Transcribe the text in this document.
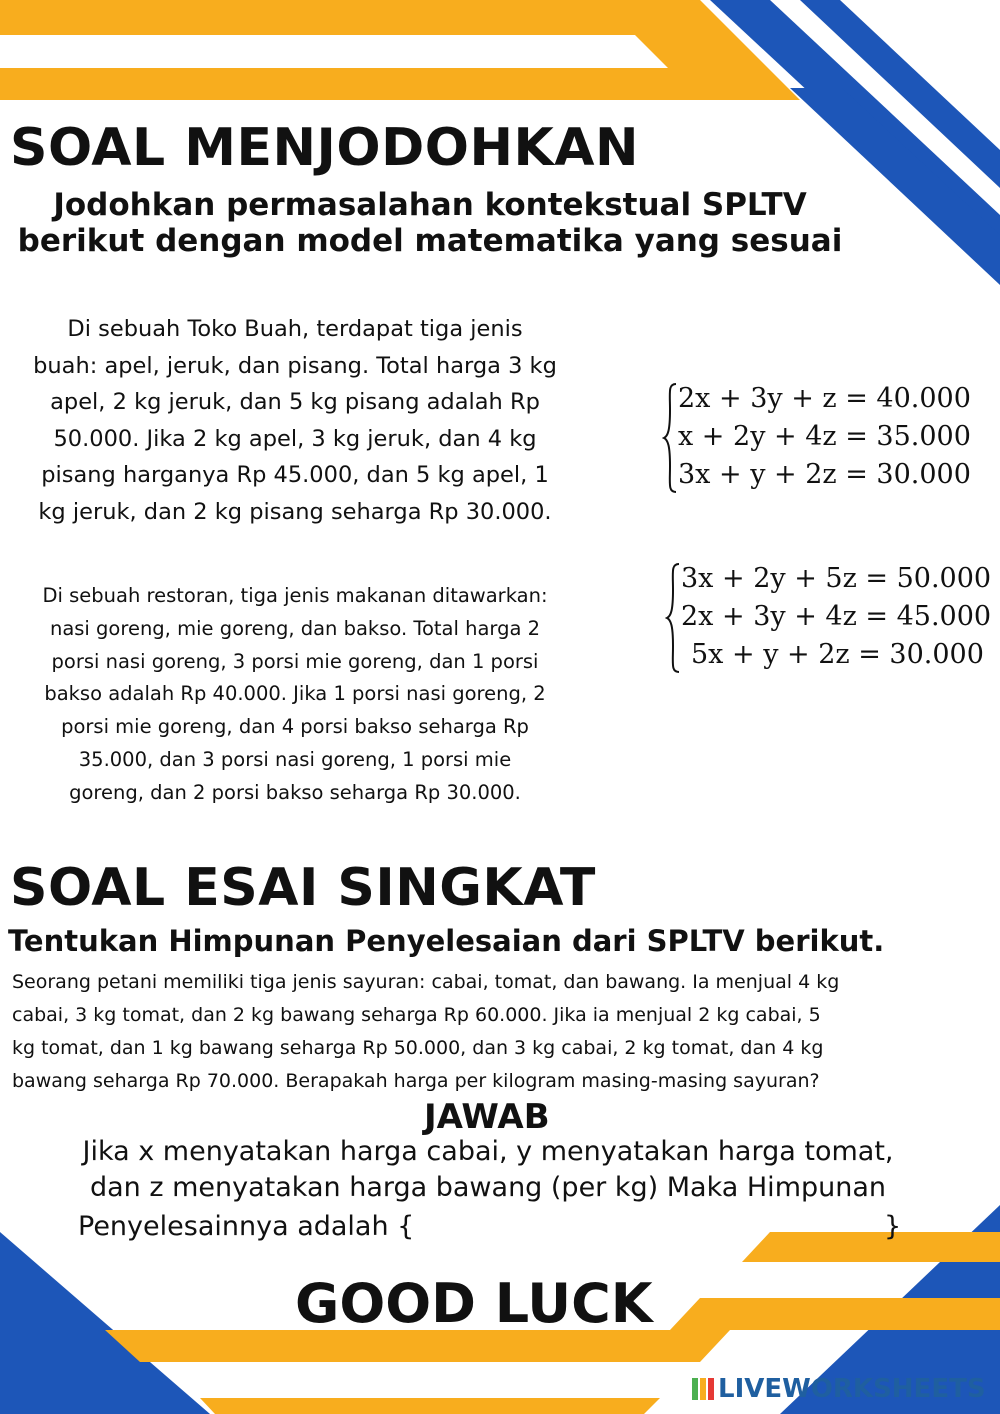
SOAL MENJODOHKAN
Jodohkan permasalahan kontekstual SPLTV
berikut dengan model matematika yang sesuai
Di sebuah Toko Buah, terdapat tiga jenis
buah: apel, jeruk, dan pisang. Total harga 3 kg
apel, 2 kg jeruk, dan 5 kg pisang adalah Rp
50.000. Jika 2 kg apel, 3 kg jeruk, dan 4 kg
pisang harganya Rp 45.000, dan 5 kg apel, 1
kg jeruk, dan 2 kg pisang seharga Rp 30.000.
2x + 3y + z = 40.000
x + 2y + 4z = 35.000
3x + y + 2z = 30.000
Di sebuah restoran, tiga jenis makanan ditawarkan:
nasi goreng, mie goreng, dan bakso. Total harga 2
porsi nasi goreng, 3 porsi mie goreng, dan 1 porsi
bakso adalah Rp 40.000. Jika 1 porsi nasi goreng, 2
porsi mie goreng, dan 4 porsi bakso seharga Rp
35.000, dan 3 porsi nasi goreng, 1 porsi mie
goreng, dan 2 porsi bakso seharga Rp 30.000.
3x + 2y + 5z = 50.000
2x + 3y + 4z = 45.000
5x + y + 2z = 30.000
SOAL ESAI SINGKAT
Tentukan Himpunan Penyelesaian dari SPLTV berikut.
Seorang petani memiliki tiga jenis sayuran: cabai, tomat, dan bawang. Ia menjual 4 kg
cabai, 3 kg tomat, dan 2 kg bawang seharga Rp 60.000. Jika ia menjual 2 kg cabai, 5
kg tomat, dan 1 kg bawang seharga Rp 50.000, dan 3 kg cabai, 2 kg tomat, dan 4 kg
bawang seharga Rp 70.000. Berapakah harga per kilogram masing-masing sayuran?
JAWAB
Jika x menyatakan harga cabai, y menyatakan harga tomat,
dan z menyatakan harga bawang (per kg) Maka Himpunan
Penyelesainnya adalah {	}
GOOD LUCK
LIVEWORKSHEETS
